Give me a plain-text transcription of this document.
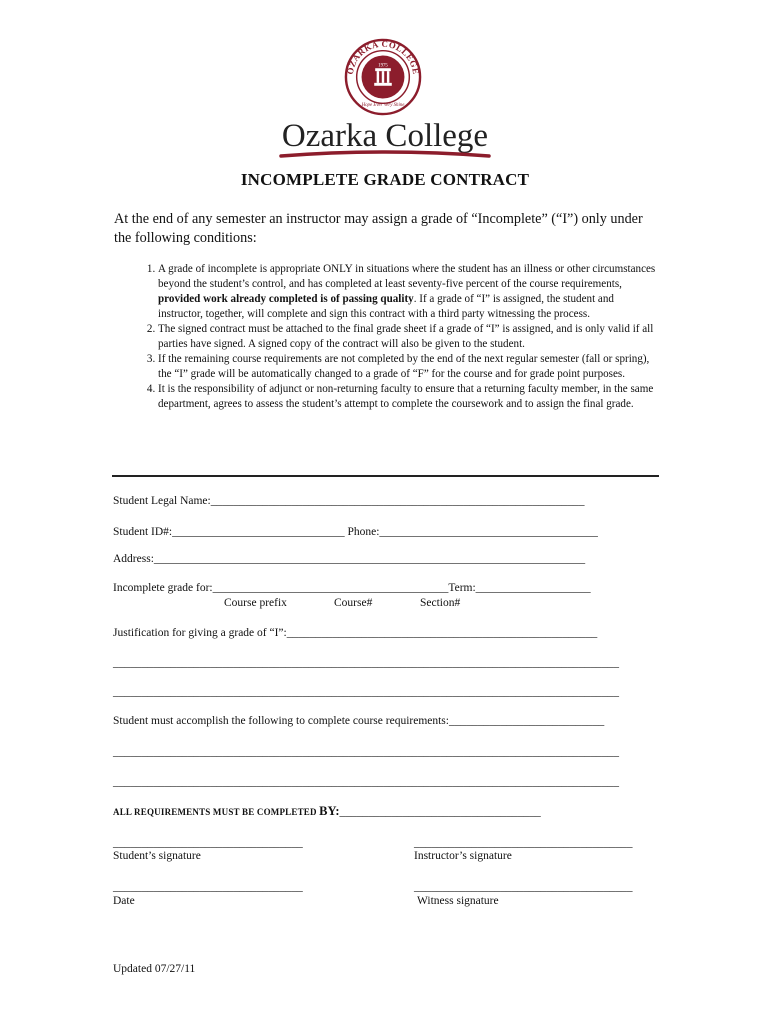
OZARKA COLLEGE
1975
Hope Ever Very Shine
Ozarka College
INCOMPLETE GRADE CONTRACT
At the end of any semester an instructor may assign a grade of “Incomplete” (“I”) only under the following conditions:
1. A grade of incomplete is appropriate ONLY in situations where the student has an illness or other circumstances beyond the student’s control, and has completed at least seventy-five percent of the course requirements, provided work already completed is of passing quality. If a grade of “I” is assigned, the student and instructor, together, will complete and sign this contract with a third party witnessing the process.
2. The signed contract must be attached to the final grade sheet if a grade of “I” is assigned, and is only valid if all parties have signed. A signed copy of the contract will also be given to the student.
3. If the remaining course requirements are not completed by the end of the next regular semester (fall or spring), the “I” grade will be automatically changed to a grade of “F” for the course and for grade point purposes.
4. It is the responsibility of adjunct or non-returning faculty to ensure that a returning faculty member, in the same department, agrees to assess the student’s attempt to complete the coursework and to assign the final grade.
Student Legal Name:_________________________________________________________________
Student ID#:______________________________ Phone:______________________________________
Address:___________________________________________________________________________
Incomplete grade for:_________________________________________Term:____________________
Course prefix	Course#	Section#
Justification for giving a grade of “I”:______________________________________________________
________________________________________________________________________________________
________________________________________________________________________________________
Student must accomplish the following to complete course requirements:___________________________
________________________________________________________________________________________
________________________________________________________________________________________
ALL REQUIREMENTS MUST BE COMPLETED BY:___________________________________
_________________________________
Student’s signature
______________________________________
Instructor’s signature
_________________________________
Date
______________________________________
Witness signature
Updated 07/27/11
